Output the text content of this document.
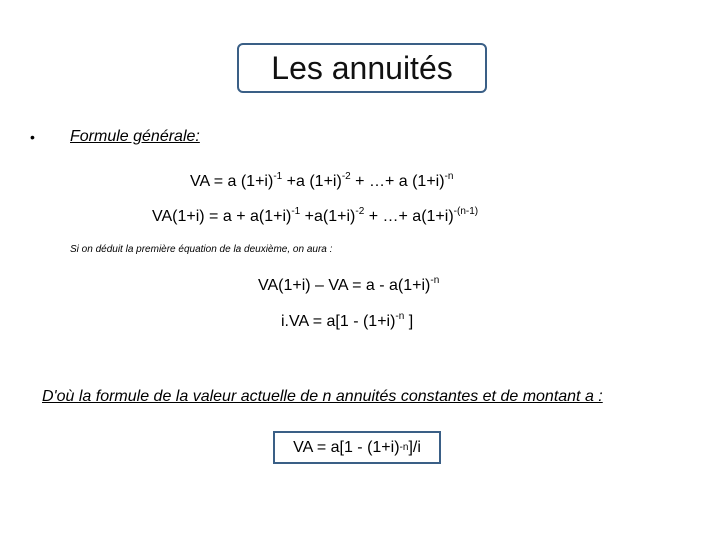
Les annuités
•	Formule générale:
VA = a $(1+i)^{-1} +a$ $(1+i)^{-2}$ + …+ a $(1+i)^{-n}$
$VA(1+i) = a + a(1+i)^{-1} +a(1+i)^{-2}$ + …+ $a(1+i)^{-(n-1)}$
Si on déduit la première équation de la deuxième, on aura :
VA(1+i) – VA = $a - a(1+i)^{-n}$
$i.VA = a[1 - (1+i)^{-n}$ ]
D'où la formule de la valeur actuelle de n annuités constantes et de montant a :
VA = a[1 - (1+i) -n ]/i
